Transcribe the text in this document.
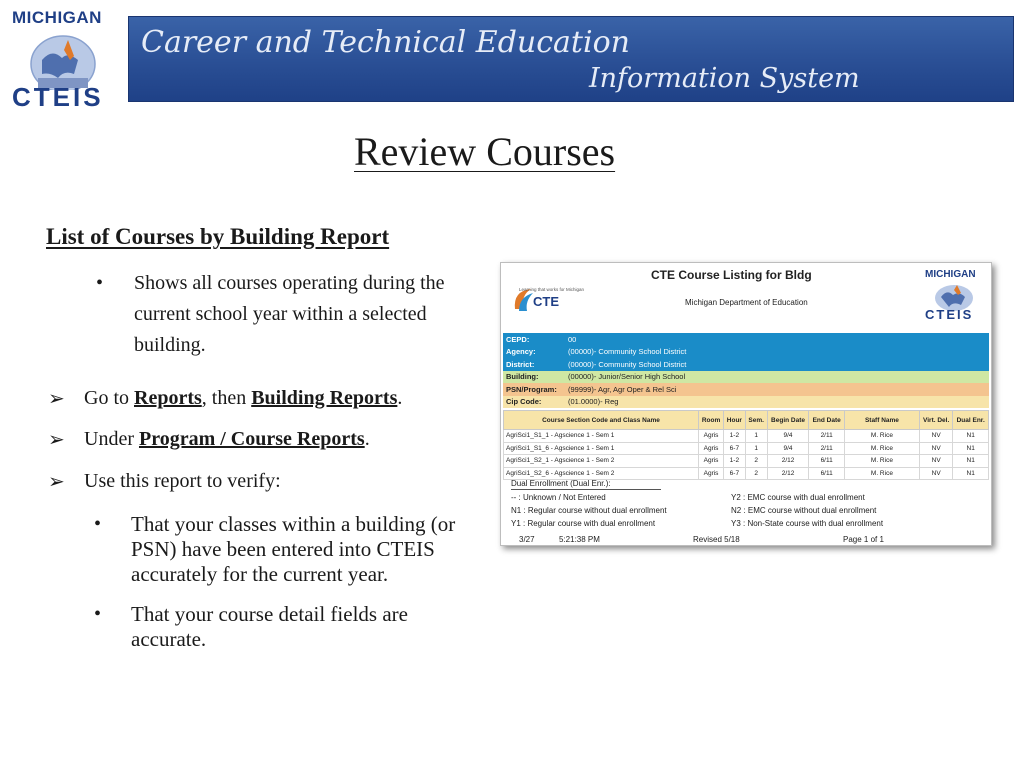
MICHIGAN
CTEIS
Career and Technical Education
Information System
Review Courses
List of Courses by Building Report
•	Shows all courses operating during the current school year within a selected building.
➢ Go to Reports, then Building Reports.
➢ Under Program / Course Reports.
➢ Use this report to verify:
•	That your classes within a building (or PSN) have been entered into CTEIS accurately for the current year.
•	That your course detail fields are accurate.
Learning that works for Michigan
CTE
CTE Course Listing for Bldg
Michigan Department of Education
MICHIGAN
CTEIS
CEPD:	00
Agency:	(00000)- Community School District
District:	(00000)- Community School District
Building:	(00000)- Junior/Senior High School
PSN/Program:	(99999)- Agr, Agr Oper & Rel Sci
Cip Code:	(01.0000)- Reg
Course Section Code and Class Name	Room	Hour	Sem.	Begin Date	End Date	Staff Name	Virt. Del.	Dual Enr.
AgriSci1_S1_1 - Agscience 1 - Sem 1	Agris	1-2	1	9/4	2/11	M. Rice	NV	N1
AgriSci1_S1_6 - Agscience 1 - Sem 1	Agris	6-7	1	9/4	2/11	M. Rice	NV	N1
AgriSci1_S2_1 - Agscience 1 - Sem 2	Agris	1-2	2	2/12	6/11	M. Rice	NV	N1
AgriSci1_S2_6 - Agscience 1 - Sem 2	Agris	6-7	2	2/12	6/11	M. Rice	NV	N1
Dual Enrollment (Dual Enr.):
-- : Unknown / Not Entered
N1 : Regular course without dual enrollment
Y1 : Regular course with dual enrollment
Y2 : EMC course with dual enrollment
N2 : EMC course without dual enrollment
Y3 : Non-State course with dual enrollment
3/27	5:21:38 PM	Revised 5/18	Page 1 of 1
